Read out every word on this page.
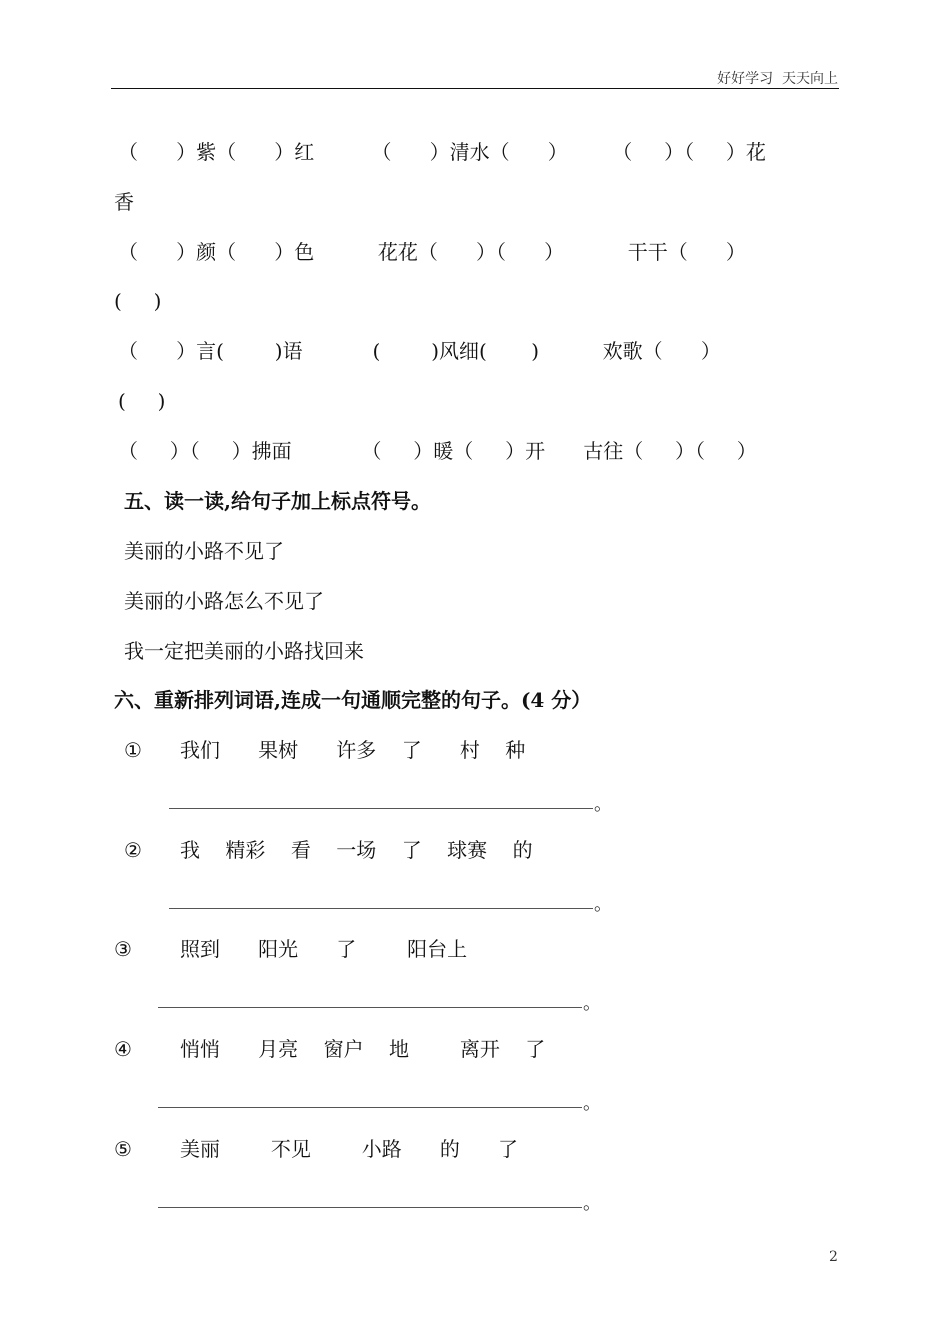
好好学习  天天向上
（      ）紫（      ）红         （      ）清水（      ）       （     ）（     ）花
香
（      ）颜（      ）色          花花（      ）（      ）          干干（      ）
(     )
（      ）言(        )语           (        )风细(       )          欢歌（      ）
(     )
（     ）（     ）拂面           （     ）暖（     ）开      古往（     ）（     ）
五、读一读,给句子加上标点符号。
美丽的小路不见了
美丽的小路怎么不见了
我一定把美丽的小路找回来
六、重新排列词语,连成一句通顺完整的句子。(4 分）
① 我们      果树      许多    了      村    种
。
② 我    精彩    看    一场    了    球赛    的
。
③ 照到      阳光      了        阳台上
。
④ 悄悄      月亮    窗户    地        离开    了
。
⑤ 美丽        不见        小路      的      了
。
2
